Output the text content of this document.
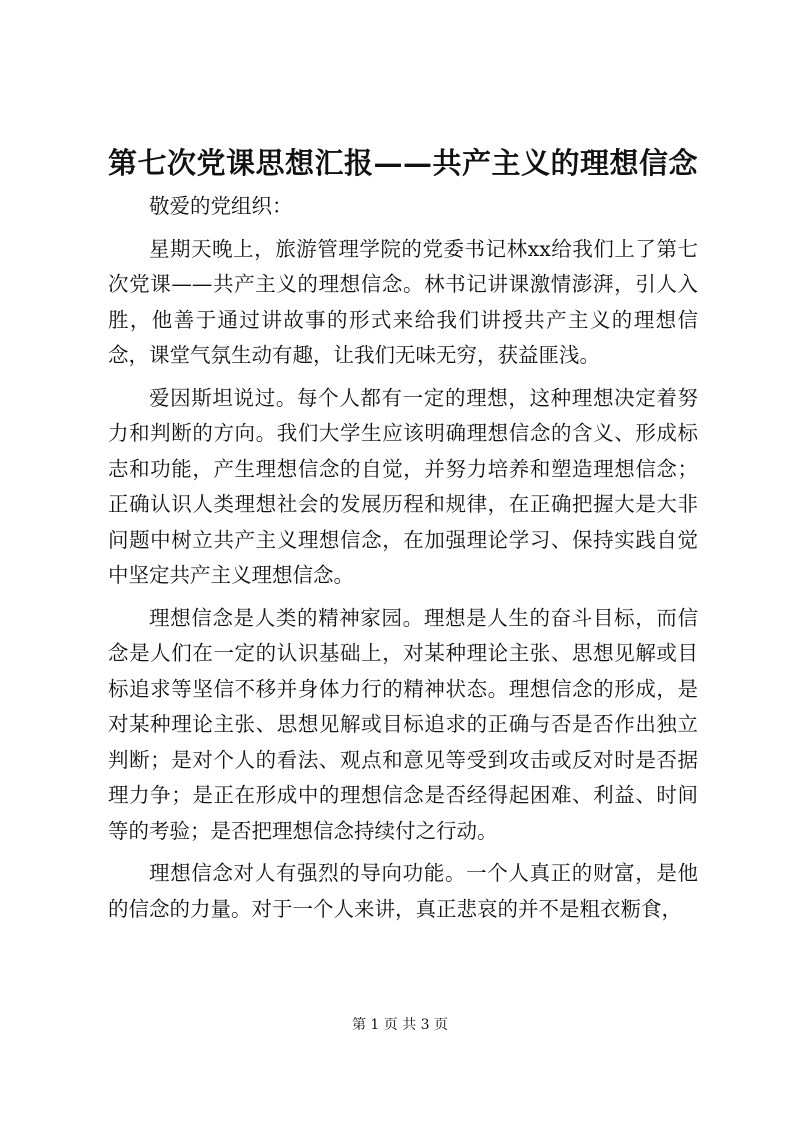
第七次党课思想汇报——共产主义的理想信念

敬爱的党组织：

星期天晚上，旅游管理学院的党委书记林xx给我们上了第七次党课——共产主义的理想信念。林书记讲课激情澎湃，引人入胜，他善于通过讲故事的形式来给我们讲授共产主义的理想信念，课堂气氛生动有趣，让我们无味无穷，获益匪浅。

爱因斯坦说过。每个人都有一定的理想，这种理想决定着努力和判断的方向。我们大学生应该明确理想信念的含义、形成标志和功能，产生理想信念的自觉，并努力培养和塑造理想信念；正确认识人类理想社会的发展历程和规律，在正确把握大是大非问题中树立共产主义理想信念，在加强理论学习、保持实践自觉中坚定共产主义理想信念。

理想信念是人类的精神家园。理想是人生的奋斗目标，而信念是人们在一定的认识基础上，对某种理论主张、思想见解或目标追求等坚信不移并身体力行的精神状态。理想信念的形成，是对某种理论主张、思想见解或目标追求的正确与否是否作出独立判断；是对个人的看法、观点和意见等受到攻击或反对时是否据理力争；是正在形成中的理想信念是否经得起困难、利益、时间等的考验；是否把理想信念持续付之行动。

理想信念对人有强烈的导向功能。一个人真正的财富，是他的信念的力量。对于一个人来讲，真正悲哀的并不是粗衣粝食，

第 1 页 共 3 页
